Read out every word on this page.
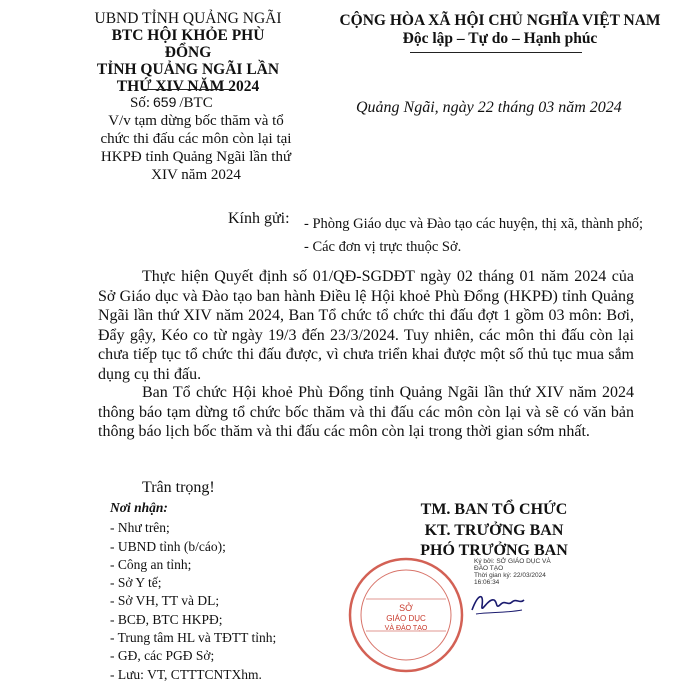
UBND TỈNH QUẢNG NGÃI
BTC HỘI KHỎE PHÙ ĐỔNG
TỈNH QUẢNG NGÃI LẦN
THỨ XIV NĂM 2024
CỘNG HÒA XÃ HỘI CHỦ NGHĨA VIỆT NAM
Độc lập – Tự do – Hạnh phúc
Số: 659 /BTC
V/v tạm dừng bốc thăm và tổ
chức thi đấu các môn còn lại tại
HKPĐ tỉnh Quảng Ngãi lần thứ
XIV năm 2024
Quảng Ngãi, ngày 22 tháng 03 năm 2024
Kính gửi: - Phòng Giáo dục và Đào tạo các huyện, thị xã, thành phố;
- Các đơn vị trực thuộc Sở.
Thực hiện Quyết định số 01/QĐ-SGDĐT ngày 02 tháng 01 năm 2024 của Sở Giáo dục và Đào tạo ban hành Điều lệ Hội khoẻ Phù Đổng (HKPĐ) tỉnh Quảng Ngãi lần thứ XIV năm 2024, Ban Tổ chức tổ chức thi đấu đợt 1 gồm 03 môn: Bơi, Đẩy gậy, Kéo co từ ngày 19/3 đến 23/3/2024. Tuy nhiên, các môn thi đấu còn lại chưa tiếp tục tổ chức thi đấu được, vì chưa triển khai được một số thủ tục mua sắm dụng cụ thi đấu.
Ban Tổ chức Hội khoẻ Phù Đổng tỉnh Quảng Ngãi lần thứ XIV năm 2024 thông báo tạm dừng tổ chức bốc thăm và thi đấu các môn còn lại và sẽ có văn bản thông báo lịch bốc thăm và thi đấu các môn còn lại trong thời gian sớm nhất.
Trân trọng!
Nơi nhận:
- Như trên;
- UBND tỉnh (b/cáo);
- Công an tỉnh;
- Sở Y tế;
- Sở VH, TT và DL;
- BCĐ, BTC HKPĐ;
- Trung tâm HL và TĐTT tỉnh;
- GĐ, các PGĐ Sở;
- Lưu: VT, CTTTCNTXhm.
TM. BAN TỔ CHỨC
KT. TRƯỞNG BAN
PHÓ TRƯỞNG BAN
SỞ
GIÁO DỤC
VÀ ĐÀO TẠO
Ký bởi: SỞ GIÁO DỤC VÀ
ĐÀO TẠO
Thời gian ký: 22/03/2024
16:06:34
